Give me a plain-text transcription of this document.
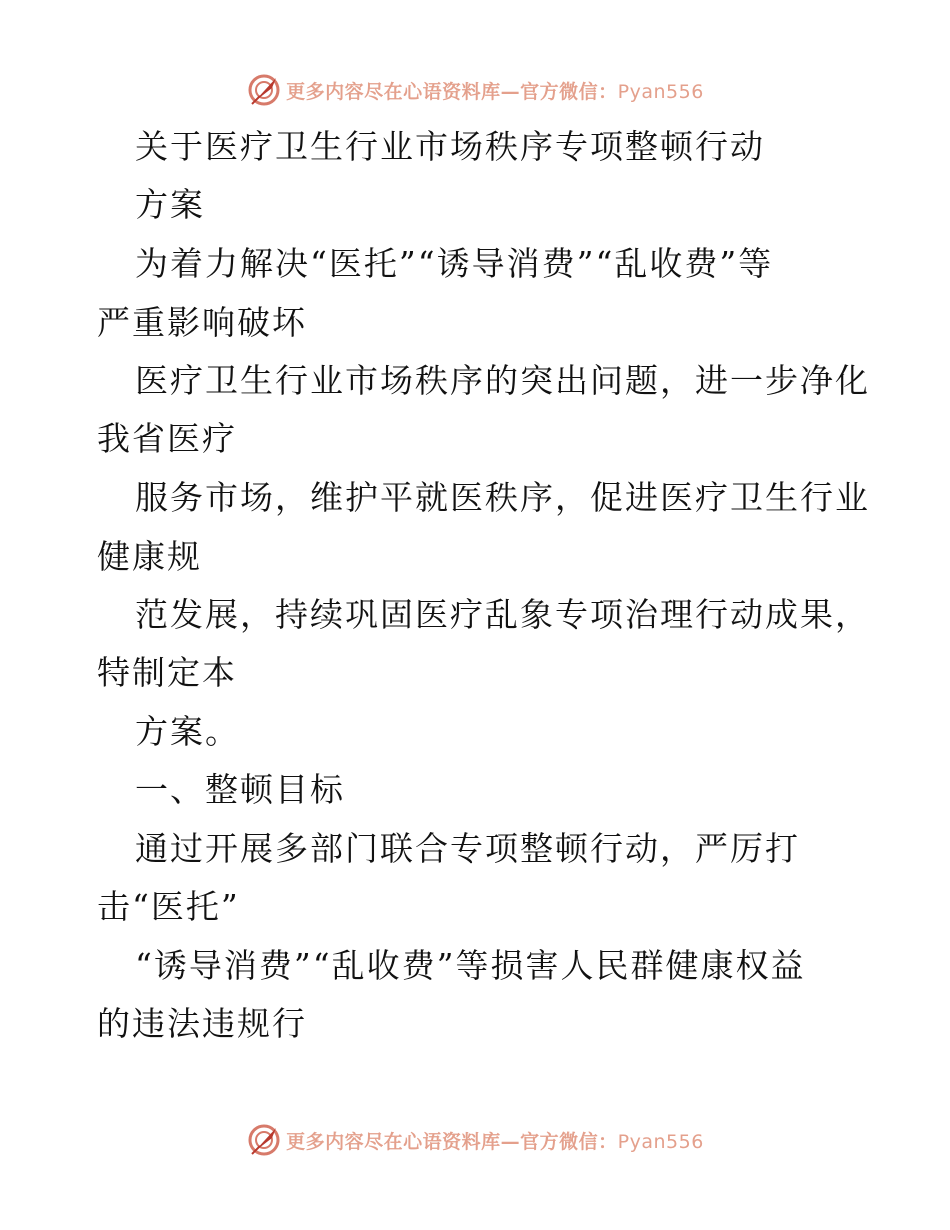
更多内容尽在心语资料库—官方微信：Pyan556
关于医疗卫生行业市场秩序专项整顿行动
方案
为着力解决“医托”“诱导消费”“乱收费”等
严重影响破坏
医疗卫生行业市场秩序的突出问题，进一步净化
我省医疗
服务市场，维护平就医秩序，促进医疗卫生行业
健康规
范发展，持续巩固医疗乱象专项治理行动成果，
特制定本
方案。
一、整顿目标
通过开展多部门联合专项整顿行动，严厉打
击“医托”
“诱导消费”“乱收费”等损害人民群健康权益
的违法违规行
更多内容尽在心语资料库—官方微信：Pyan556
